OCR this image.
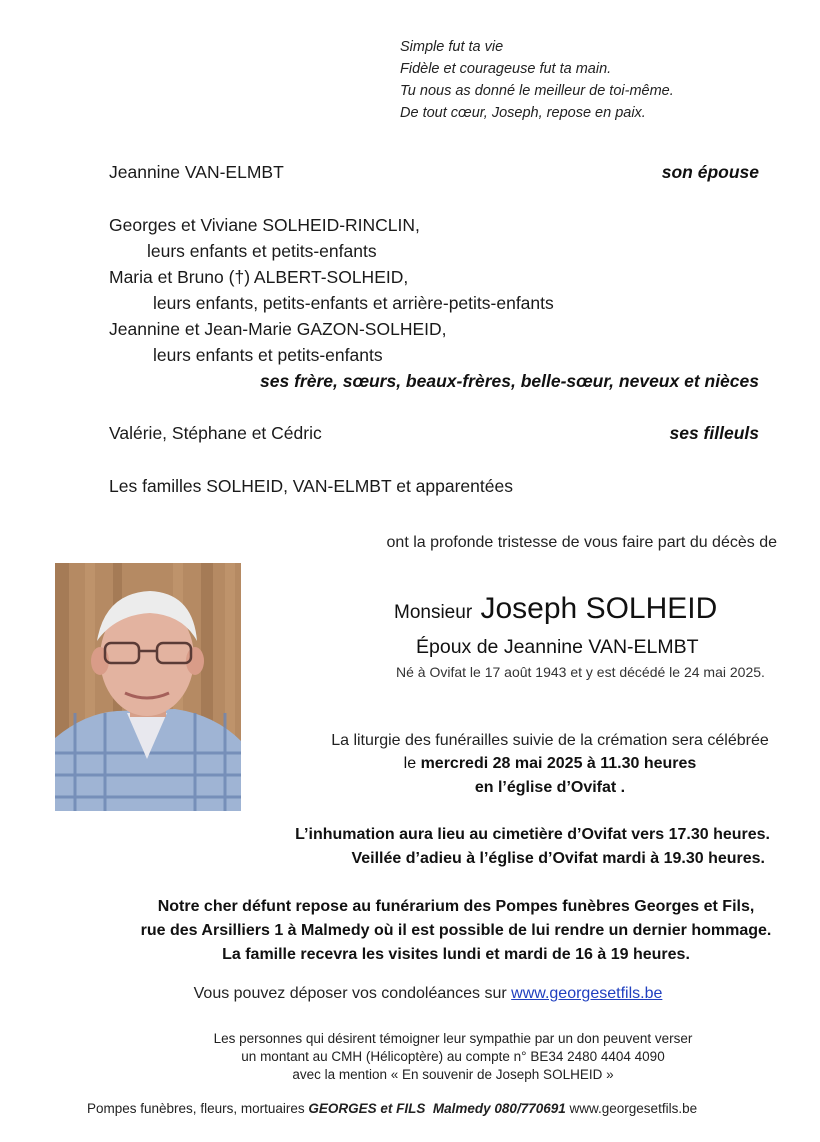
Simple fut ta vie
Fidèle et courageuse fut ta main.
Tu nous as donné le meilleur de toi-même.
De tout cœur, Joseph, repose en paix.
Jeannine VAN-ELMBT	son épouse
Georges et Viviane SOLHEID-RINCLIN,
leurs enfants et petits-enfants
Maria et Bruno (†) ALBERT-SOLHEID,
leurs enfants, petits-enfants et arrière-petits-enfants
Jeannine et Jean-Marie GAZON-SOLHEID,
leurs enfants et petits-enfants
ses frère, sœurs, beaux-frères, belle-sœur, neveux et nièces
Valérie, Stéphane et Cédric	ses filleuls
Les familles SOLHEID, VAN-ELMBT et apparentées
ont la profonde tristesse de vous faire part du décès de
Monsieur Joseph SOLHEID
Époux de Jeannine VAN-ELMBT
Né à Ovifat le 17 août 1943 et y est décédé le 24 mai 2025.
La liturgie des funérailles suivie de la crémation sera célébrée
le mercredi 28 mai 2025 à 11.30 heures
en l’église d’Ovifat .
L’inhumation aura lieu au cimetière d’Ovifat vers 17.30 heures.
Veillée d’adieu à l’église d’Ovifat mardi à 19.30 heures.
Notre cher défunt repose au funérarium des Pompes funèbres Georges et Fils,
rue des Arsilliers 1 à Malmedy où il est possible de lui rendre un dernier hommage.
La famille recevra les visites lundi et mardi de 16 à 19 heures.
Vous pouvez déposer vos condoléances sur www.georgesetfils.be
Les personnes qui désirent témoigner leur sympathie par un don peuvent verser
un montant au CMH (Hélicoptère) au compte n° BE34 2480 4404 4090
avec la mention « En souvenir de Joseph SOLHEID »
Pompes funèbres, fleurs, mortuaires GEORGES et FILS  Malmedy 080/770691 www.georgesetfils.be
